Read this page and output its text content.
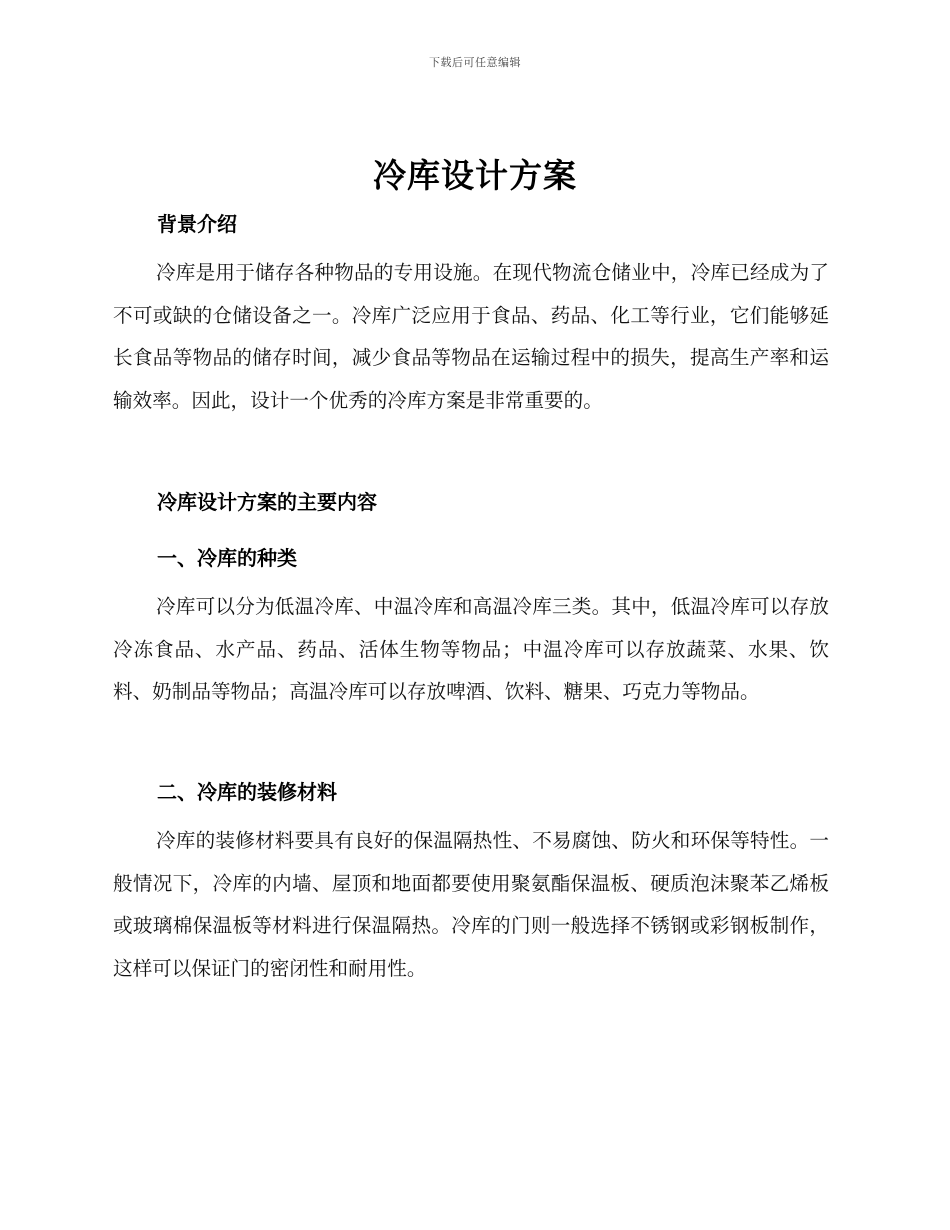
下载后可任意编辑
冷库设计方案
背景介绍

冷库是用于储存各种物品的专用设施。在现代物流仓储业中，冷库已经成为了不可或缺的仓储设备之一。冷库广泛应用于食品、药品、化工等行业，它们能够延长食品等物品的储存时间，减少食品等物品在运输过程中的损失，提高生产率和运输效率。因此，设计一个优秀的冷库方案是非常重要的。

冷库设计方案的主要内容
一、冷库的种类

冷库可以分为低温冷库、中温冷库和高温冷库三类。其中，低温冷库可以存放冷冻食品、水产品、药品、活体生物等物品；中温冷库可以存放蔬菜、水果、饮料、奶制品等物品；高温冷库可以存放啤酒、饮料、糖果、巧克力等物品。

二、冷库的装修材料

冷库的装修材料要具有良好的保温隔热性、不易腐蚀、防火和环保等特性。一般情况下，冷库的内墙、屋顶和地面都要使用聚氨酯保温板、硬质泡沫聚苯乙烯板或玻璃棉保温板等材料进行保温隔热。冷库的门则一般选择不锈钢或彩钢板制作，这样可以保证门的密闭性和耐用性。
